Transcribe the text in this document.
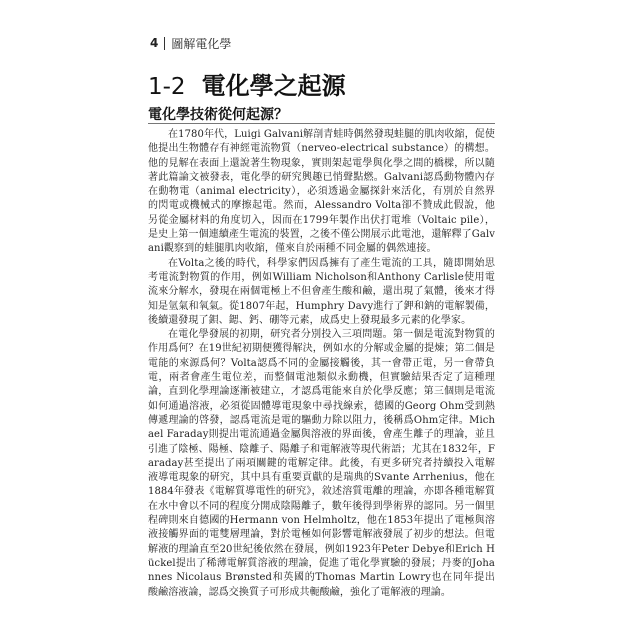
4 圖解電化學
1-2 電化學之起源
電化學技術從何起源？

在1780年代，Luigi Galvani解剖青蛙時偶然發現蛙腿的肌肉收縮，促使他提出生物體存有神經電流物質（nerveo-electrical substance）的構想。他的見解在表面上還說著生物現象，實則架起電學與化學之間的橋樑，所以隨著此篇論文被發表，電化學的研究興趣已悄聲點燃。Galvani認爲動物體內存在動物電（animal electricity），必須透過金屬探針來活化，有別於自然界的閃電或機械式的摩擦起電。然而，Alessandro Volta卻不贊成此假說，他另從金屬材料的角度切入，因而在1799年製作出伏打電堆（Voltaic pile），是史上第一個連續產生電流的裝置，之後不僅公開展示此電池，還解釋了Galvani觀察到的蛙腿肌肉收縮，僅來自於兩種不同金屬的偶然連接。

在Volta之後的時代，科學家們因爲擁有了產生電流的工具，隨即開始思考電流對物質的作用，例如William Nicholson和Anthony Carlisle使用電流來分解水，發現在兩個電極上不但會產生酸和鹼，還出現了氣體，後來才得知是氫氣和氧氣。從1807年起，Humphry Davy進行了鉀和鈉的電解製備，後續還發現了鋇、鍶、鈣、硼等元素，成爲史上發現最多元素的化學家。

在電化學發展的初期，研究者分別投入三項問題。第一個是電流對物質的作用爲何？在19世紀初期便獲得解決，例如水的分解或金屬的提煉；第二個是電能的來源爲何？Volta認爲不同的金屬接觸後，其一會帶正電，另一會帶負電，兩者會產生電位差，而整個電池類似永動機，但實驗結果否定了這種理論，直到化學理論逐漸被建立，才認爲電能來自於化學反應；第三個則是電流如何通過溶液，必須從固體導電現象中尋找線索，德國的Georg Ohm受到熱傳遞理論的啓發，認爲電流是電的驅動力除以阻力，後稱爲Ohm定律。Michael Faraday則提出電流通過金屬與溶液的界面後，會產生離子的理論，並且引進了陰極、陽極、陰離子、陽離子和電解液等現代術語；尤其在1832年，Faraday甚至提出了兩項關鍵的電解定律。此後，有更多研究者持續投入電解液導電現象的研究，其中具有重要貢獻的是瑞典的Svante Arrhenius，他在1884年發表《電解質導電性的研究》，敘述溶質電離的理論，亦即各種電解質在水中會以不同的程度分開成陰陽離子，數年後得到學術界的認同。另一個里程碑則來自德國的Hermann von Helmholtz，他在1853年提出了電極與溶液接觸界面的電雙層理論，對於電極如何影響電解液發展了初步的想法。但電解液的理論直至20世紀後依然在發展，例如1923年Peter Debye和Erich Hückel提出了稀薄電解質溶液的理論，促進了電化學實驗的發展；丹麥的Johannes Nicolaus Brønsted和英國的Thomas Martin Lowry也在同年提出酸鹼溶液論，認爲交換質子可形成共軛酸鹼，強化了電解液的理論。
